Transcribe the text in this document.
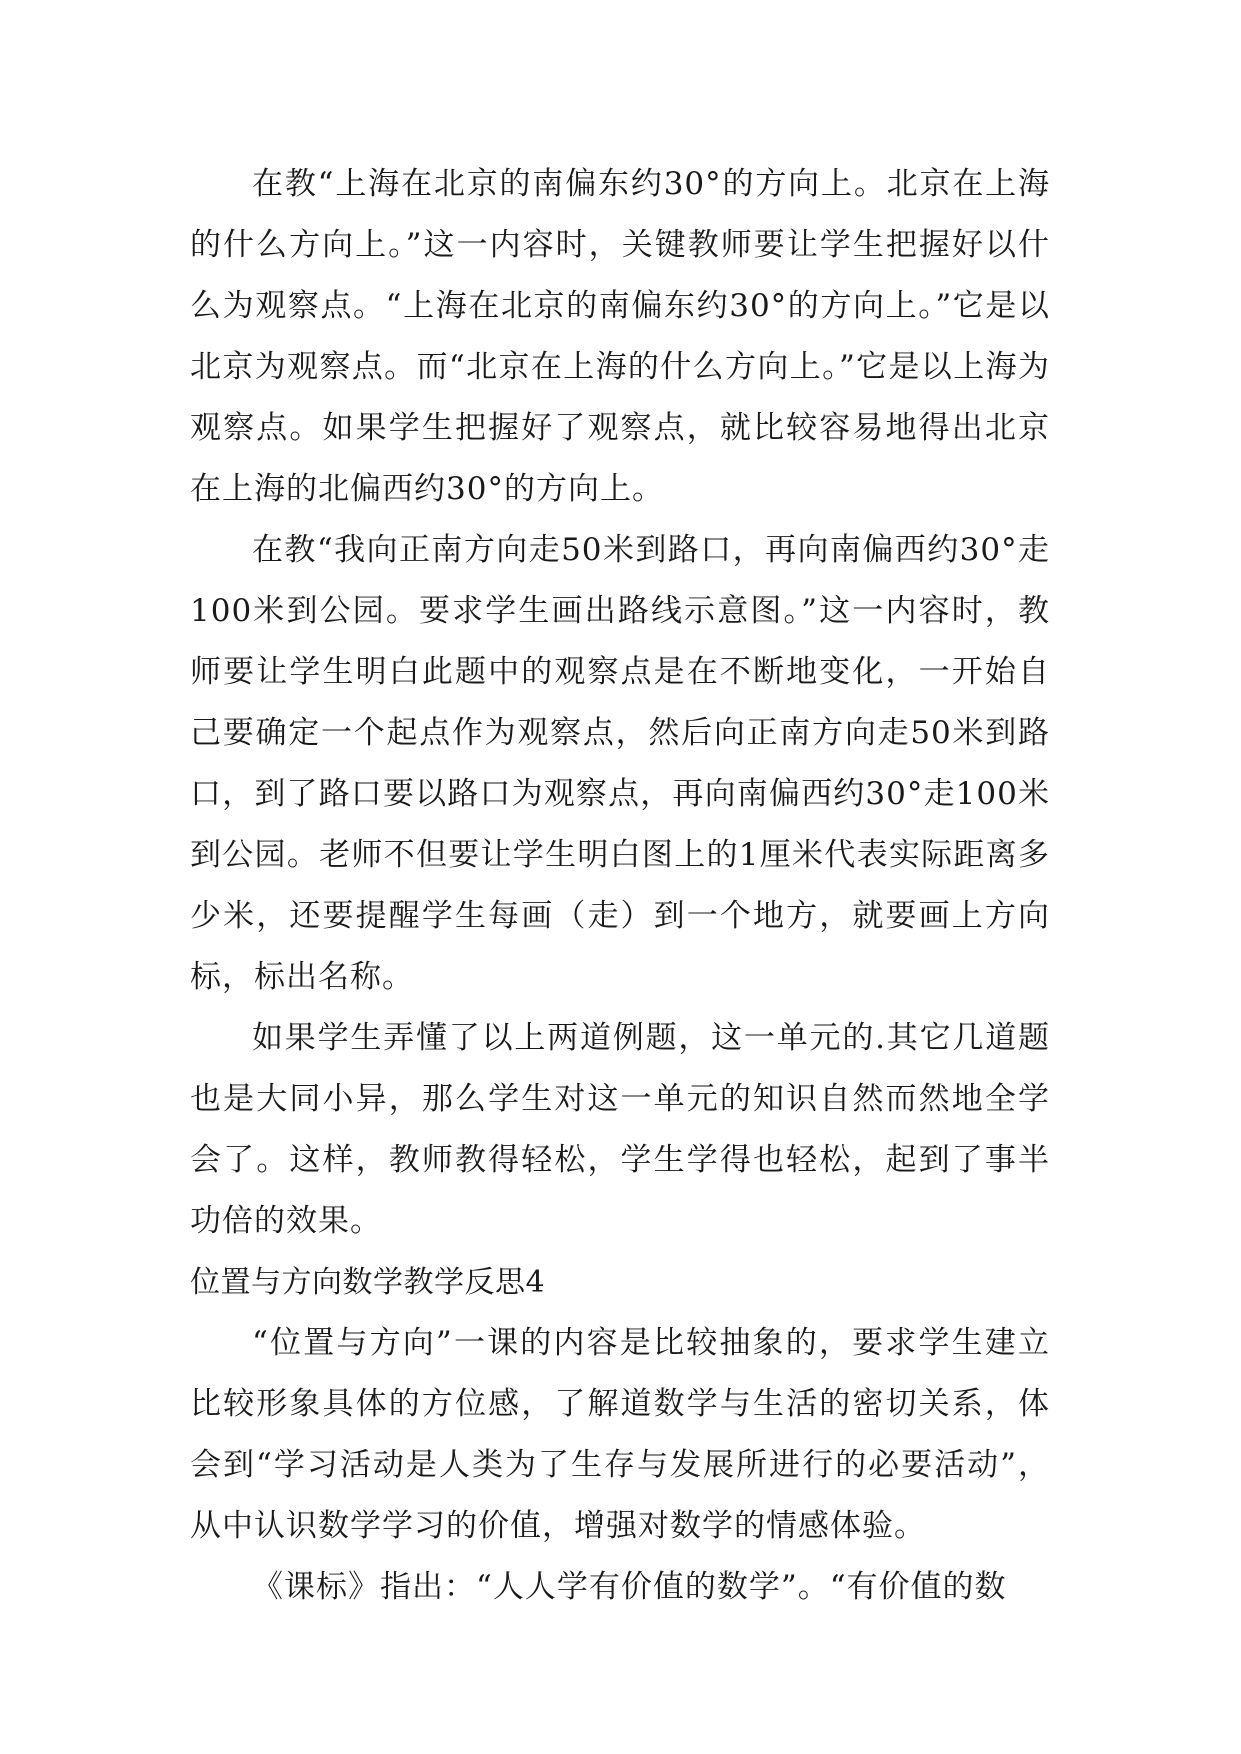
在教“上海在北京的南偏东约30°的方向上。北京在上海的什么方向上。”这一内容时，关键教师要让学生把握好以什么为观察点。“上海在北京的南偏东约30°的方向上。”它是以北京为观察点。而“北京在上海的什么方向上。”它是以上海为观察点。如果学生把握好了观察点，就比较容易地得出北京在上海的北偏西约30°的方向上。

在教“我向正南方向走50米到路口，再向南偏西约30°走100米到公园。要求学生画出路线示意图。”这一内容时，教师要让学生明白此题中的观察点是在不断地变化，一开始自己要确定一个起点作为观察点，然后向正南方向走50米到路口，到了路口要以路口为观察点，再向南偏西约30°走100米到公园。老师不但要让学生明白图上的1厘米代表实际距离多少米，还要提醒学生每画（走）到一个地方，就要画上方向标，标出名称。

如果学生弄懂了以上两道例题，这一单元的.其它几道题也是大同小异，那么学生对这一单元的知识自然而然地全学会了。这样，教师教得轻松，学生学得也轻松，起到了事半功倍的效果。

位置与方向数学教学反思4

“位置与方向”一课的内容是比较抽象的，要求学生建立比较形象具体的方位感，了解道数学与生活的密切关系，体会到“学习活动是人类为了生存与发展所进行的必要活动”，从中认识数学学习的价值，增强对数学的情感体验。

《课标》指出：“人人学有价值的数学”。“有价值的数
